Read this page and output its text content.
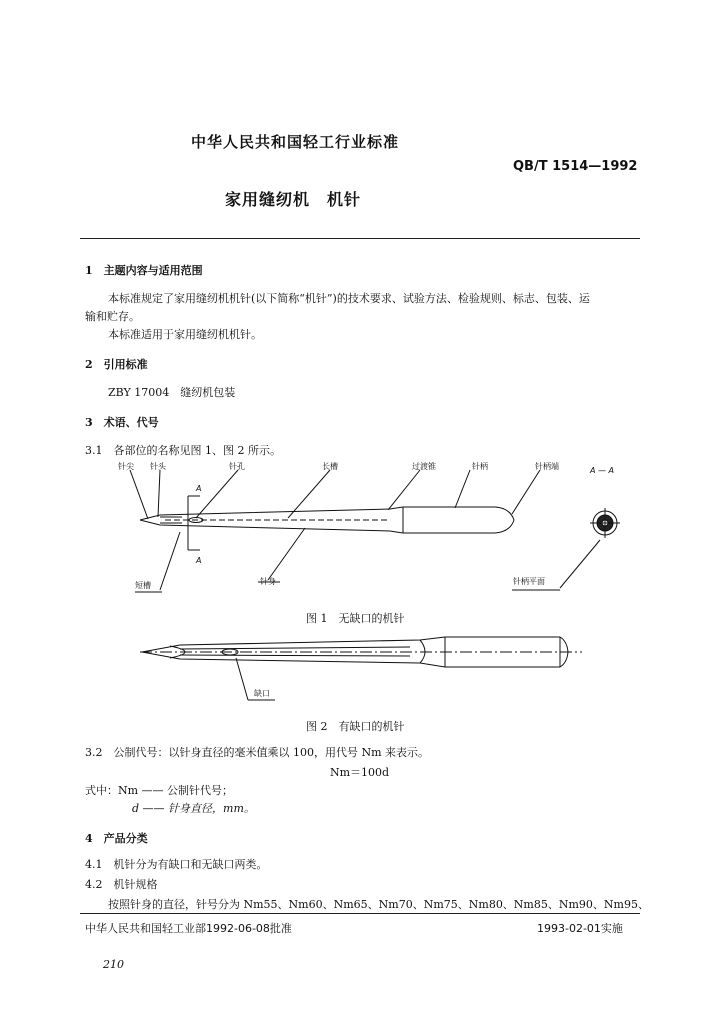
中华人民共和国轻工行业标准
QB/T 1514—1992
家用缝纫机　机针
1　主题内容与适用范围
本标准规定了家用缝纫机机针(以下简称“机针”)的技术要求、试验方法、检验规则、标志、包装、运
输和贮存。
本标准适用于家用缝纫机机针。
2　引用标准
ZBY 17004　缝纫机包装
3　术语、代号
3.1　各部位的名称见图 1、图 2 所示。
针尖 针头	针孔	长槽	过渡锥	针柄	针柄端	A — A
A
A
短槽	针身	针柄平面
图 1　无缺口的机针
缺口
图 2　有缺口的机针
3.2　公制代号：以针身直径的毫米值乘以 100，用代号 Nm 来表示。
Nm＝100d
式中：Nm —— 公制针代号；
d —— 针身直径，mm。
4　产品分类
4.1　机针分为有缺口和无缺口两类。
4.2　机针规格
按照针身的直径，针号分为 Nm55、Nm60、Nm65、Nm70、Nm75、Nm80、Nm85、Nm90、Nm95、
中华人民共和国轻工业部1992-06-08批准	1993-02-01实施
210
